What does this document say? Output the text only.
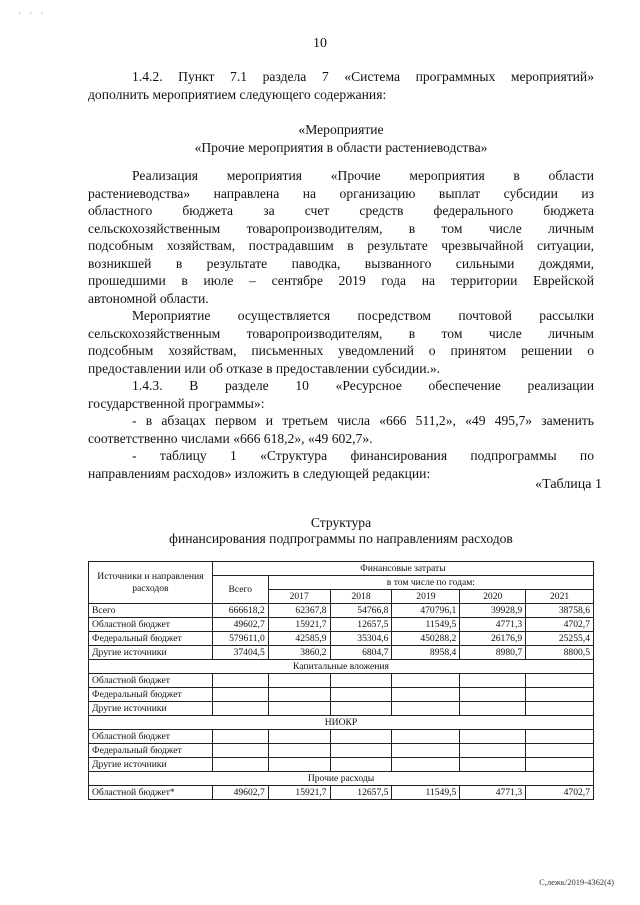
· · ·
10
1.4.2. Пункт 7.1 раздела 7 «Система программных мероприятий»
дополнить мероприятием следующего содержания:
«Мероприятие
«Прочие мероприятия в области растениеводства»
Реализация мероприятия «Прочие мероприятия в области
растениеводства» направлена на организацию выплат субсидии из
областного бюджета за счет средств федерального бюджета
сельскохозяйственным товаропроизводителям, в том числе личным
подсобным хозяйствам, пострадавшим в результате чрезвычайной ситуации,
возникшей в результате паводка, вызванного сильными дождями,
прошедшими в июле – сентябре 2019 года на территории Еврейской
автономной области.
Мероприятие осуществляется посредством почтовой рассылки
сельскохозяйственным товаропроизводителям, в том числе личным
подсобным хозяйствам, письменных уведомлений о принятом решении о
предоставлении или об отказе в предоставлении субсидии.».
1.4.3. В разделе 10 «Ресурсное обеспечение реализации
государственной программы»:
- в абзацах первом и третьем числа «666 511,2», «49 495,7» заменить
соответственно числами «666 618,2», «49 602,7».
- таблицу 1 «Структура финансирования подпрограммы по
направлениям расходов» изложить в следующей редакции:
«Таблица 1
Структура
финансирования подпрограммы по направлениям расходов
Источники и направления расходов	Финансовые затраты					
	Всего	в том числе по годам:				
		2017	2018	2019	2020	2021
Всего	666618,2	62367,8	54766,8	470796,1	39928,9	38758,6
Областной бюджет	49602,7	15921,7	12657,5	11549,5	4771,3	4702,7
Федеральный бюджет	579611,0	42585,9	35304,6	450288,2	26176,9	25255,4
Другие источники	37404,5	3860,2	6804,7	8958,4	8980,7	8800,5
Капитальные вложения						
Областной бюджет						
Федеральный бюджет						
Другие источники						
НИОКР						
Областной бюджет						
Федеральный бюджет						
Другие источники						
Прочие расходы						
Областной бюджет*	49602,7	15921,7	12657,5	11549,5	4771,3	4702,7
С,лежк/2019-4362(4)
